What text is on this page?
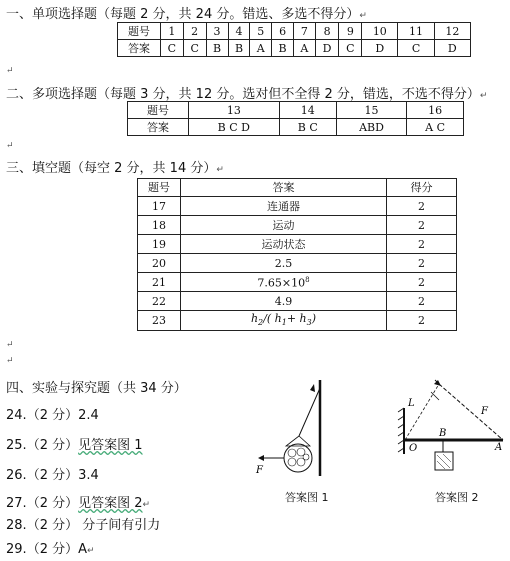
一、单项选择题（每题 2 分，共 24 分。错选、多选不得分）↵
题号	1	2	3	4	5	6	7	8	9	10	11	12
答案	C	C	B	B	A	B	A	D	C	D	C	D
↵
二、多项选择题（每题 3 分，共 12 分。选对但不全得 2 分，错选，不选不得分）↵
题号	13	14	15	16
答案	B C D	B C	ABD	A C
↵
三、填空题（每空 2 分，共 14 分）↵
题号	答案	得分
17	连通器	2
18	运动	2
19	运动状态	2
20	2.5	2
21	$7.65\times 10^8$	2
22	4.9	2
23	$h_2/$( $h_1+ h_3$)	2
↵
↵
四、实验与探究题（共 34 分）
24.（2 分）2.4
25.（2 分）见答案图 1
26.（2 分）3.4
27.（2 分）见答案图 2↵
28.（2 分） 分子间有引力
29.（2 分）A↵
F
答案图 1
L
F
B
O	A
答案图 2
